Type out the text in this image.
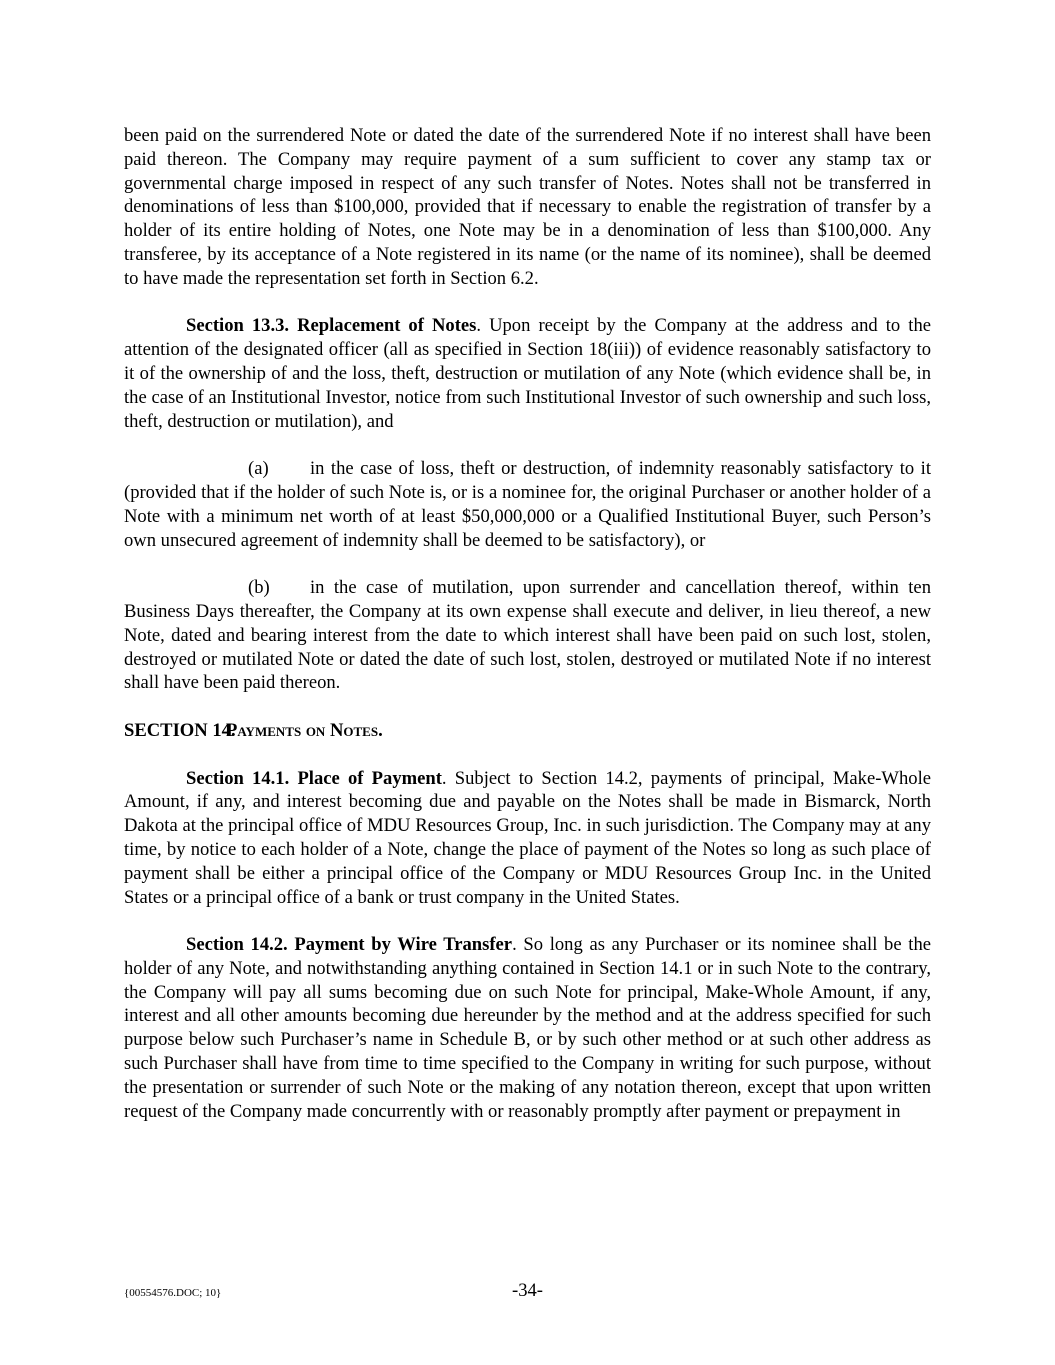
been paid on the surrendered Note or dated the date of the surrendered Note if no interest shall have been paid thereon. The Company may require payment of a sum sufficient to cover any stamp tax or governmental charge imposed in respect of any such transfer of Notes. Notes shall not be transferred in denominations of less than $100,000, provided that if necessary to enable the registration of transfer by a holder of its entire holding of Notes, one Note may be in a denomination of less than $100,000. Any transferee, by its acceptance of a Note registered in its name (or the name of its nominee), shall be deemed to have made the representation set forth in Section 6.2.

Section 13.3. Replacement of Notes. Upon receipt by the Company at the address and to the attention of the designated officer (all as specified in Section 18(iii)) of evidence reasonably satisfactory to it of the ownership of and the loss, theft, destruction or mutilation of any Note (which evidence shall be, in the case of an Institutional Investor, notice from such Institutional Investor of such ownership and such loss, theft, destruction or mutilation), and

(a) in the case of loss, theft or destruction, of indemnity reasonably satisfactory to it (provided that if the holder of such Note is, or is a nominee for, the original Purchaser or another holder of a Note with a minimum net worth of at least $50,000,000 or a Qualified Institutional Buyer, such Person’s own unsecured agreement of indemnity shall be deemed to be satisfactory), or

(b) in the case of mutilation, upon surrender and cancellation thereof, within ten Business Days thereafter, the Company at its own expense shall execute and deliver, in lieu thereof, a new Note, dated and bearing interest from the date to which interest shall have been paid on such lost, stolen, destroyed or mutilated Note or dated the date of such lost, stolen, destroyed or mutilated Note if no interest shall have been paid thereon.

SECTION 14.Payments on Notes.

Section 14.1. Place of Payment. Subject to Section 14.2, payments of principal, Make-Whole Amount, if any, and interest becoming due and payable on the Notes shall be made in Bismarck, North Dakota at the principal office of MDU Resources Group, Inc. in such jurisdiction. The Company may at any time, by notice to each holder of a Note, change the place of payment of the Notes so long as such place of payment shall be either a principal office of the Company or MDU Resources Group Inc. in the United States or a principal office of a bank or trust company in the United States.

Section 14.2. Payment by Wire Transfer. So long as any Purchaser or its nominee shall be the holder of any Note, and notwithstanding anything contained in Section 14.1 or in such Note to the contrary, the Company will pay all sums becoming due on such Note for principal, Make-Whole Amount, if any, interest and all other amounts becoming due hereunder by the method and at the address specified for such purpose below such Purchaser’s name in Schedule B, or by such other method or at such other address as such Purchaser shall have from time to time specified to the Company in writing for such purpose, without the presentation or surrender of such Note or the making of any notation thereon, except that upon written request of the Company made concurrently with or reasonably promptly after payment or prepayment in

{00554576.DOC; 10}	-34-
